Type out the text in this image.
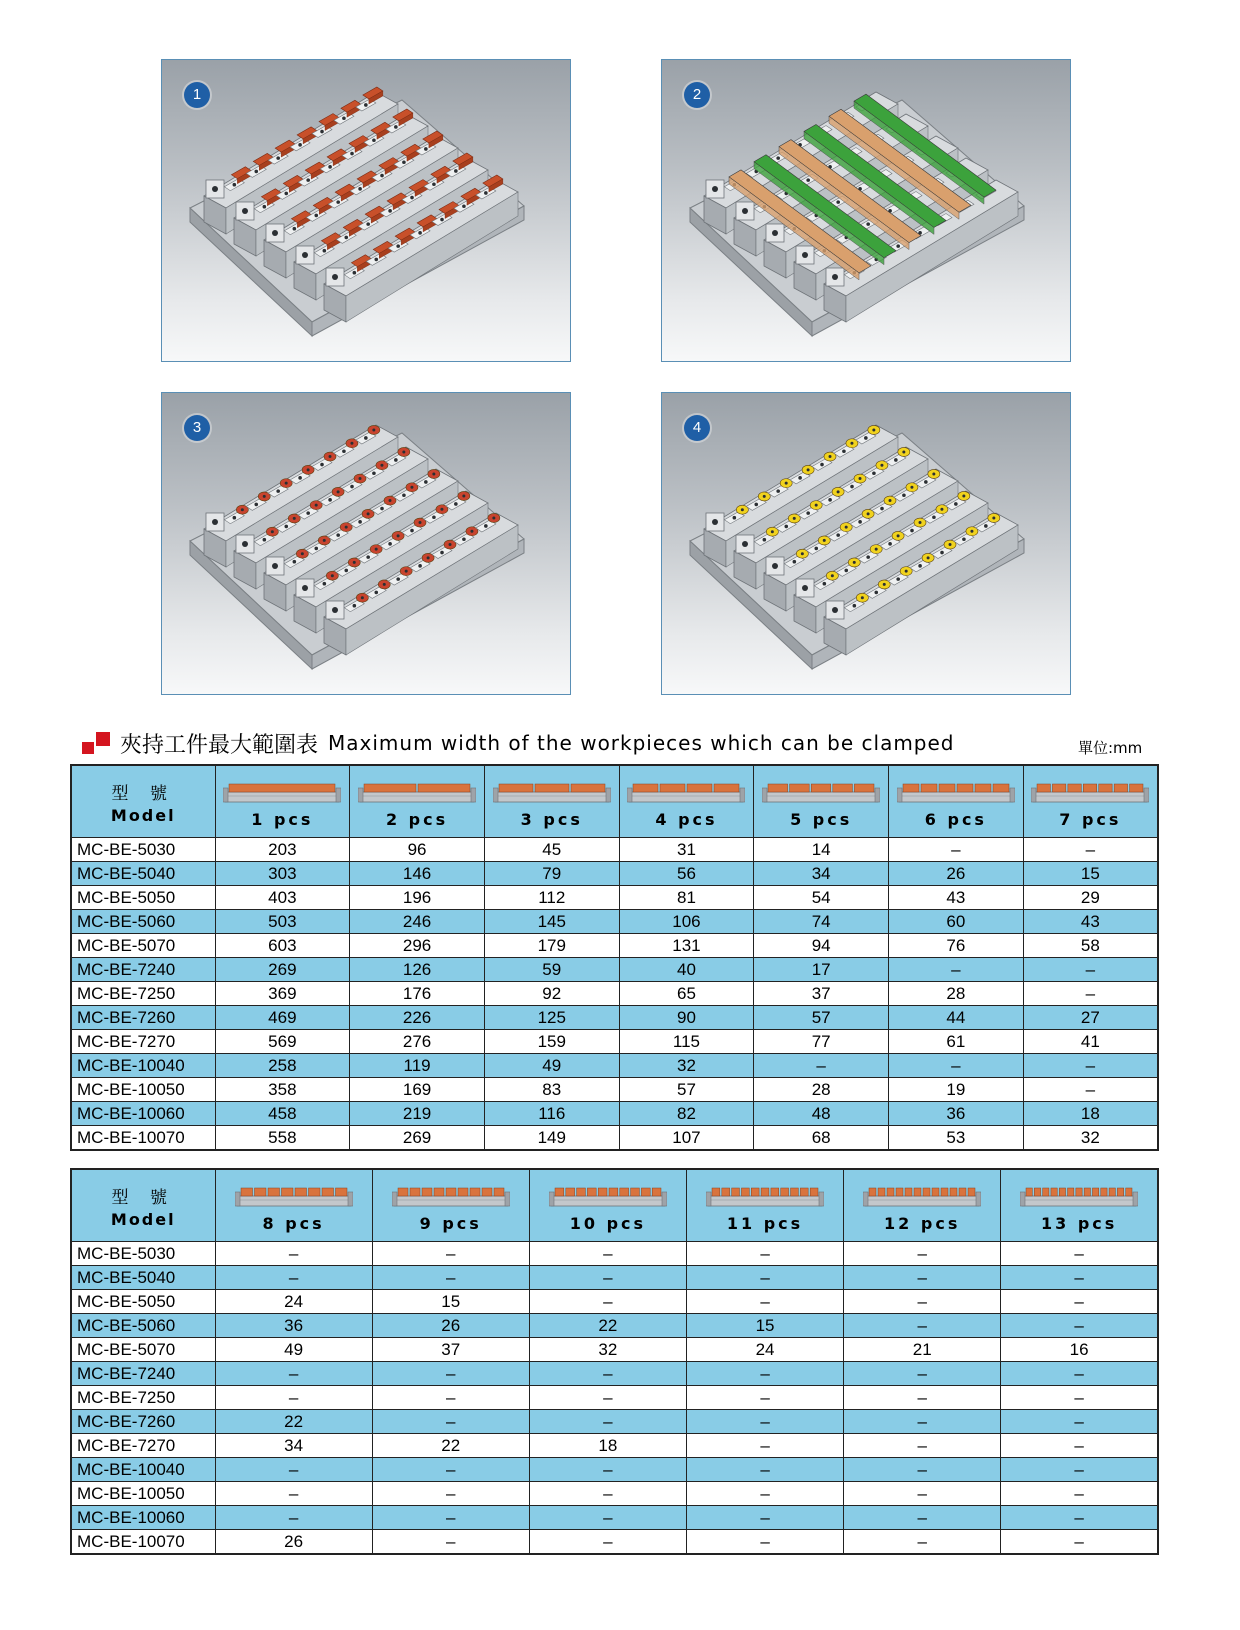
1	2
3	4
夾持工件最大範圍表 Maximum width of the workpieces which can be clamped	單位:mm
型 號
Model	1 pcs	2 pcs	3 pcs	4 pcs	5 pcs	6 pcs	7 pcs

MC-BE-5030	203	96	45	31	14	–	–
MC-BE-5040	303	146	79	56	34	26	15
MC-BE-5050	403	196	112	81	54	43	29
MC-BE-5060	503	246	145	106	74	60	43
MC-BE-5070	603	296	179	131	94	76	58
MC-BE-7240	269	126	59	40	17	–	–
MC-BE-7250	369	176	92	65	37	28	–
MC-BE-7260	469	226	125	90	57	44	27
MC-BE-7270	569	276	159	115	77	61	41
MC-BE-10040	258	119	49	32	–	–	–
MC-BE-10050	358	169	83	57	28	19	–
MC-BE-10060	458	219	116	82	48	36	18
MC-BE-10070	558	269	149	107	68	53	32
型 號
Model	8 pcs	9 pcs	10 pcs	11 pcs	12 pcs	13 pcs

MC-BE-5030	–	–	–	–	–	–
MC-BE-5040	–	–	–	–	–	–
MC-BE-5050	24	15	–	–	–	–
MC-BE-5060	36	26	22	15	–	–
MC-BE-5070	49	37	32	24	21	16
MC-BE-7240	–	–	–	–	–	–
MC-BE-7250	–	–	–	–	–	–
MC-BE-7260	22	–	–	–	–	–
MC-BE-7270	34	22	18	–	–	–
MC-BE-10040	–	–	–	–	–	–
MC-BE-10050	–	–	–	–	–	–
MC-BE-10060	–	–	–	–	–	–
MC-BE-10070	26	–	–	–	–	–
